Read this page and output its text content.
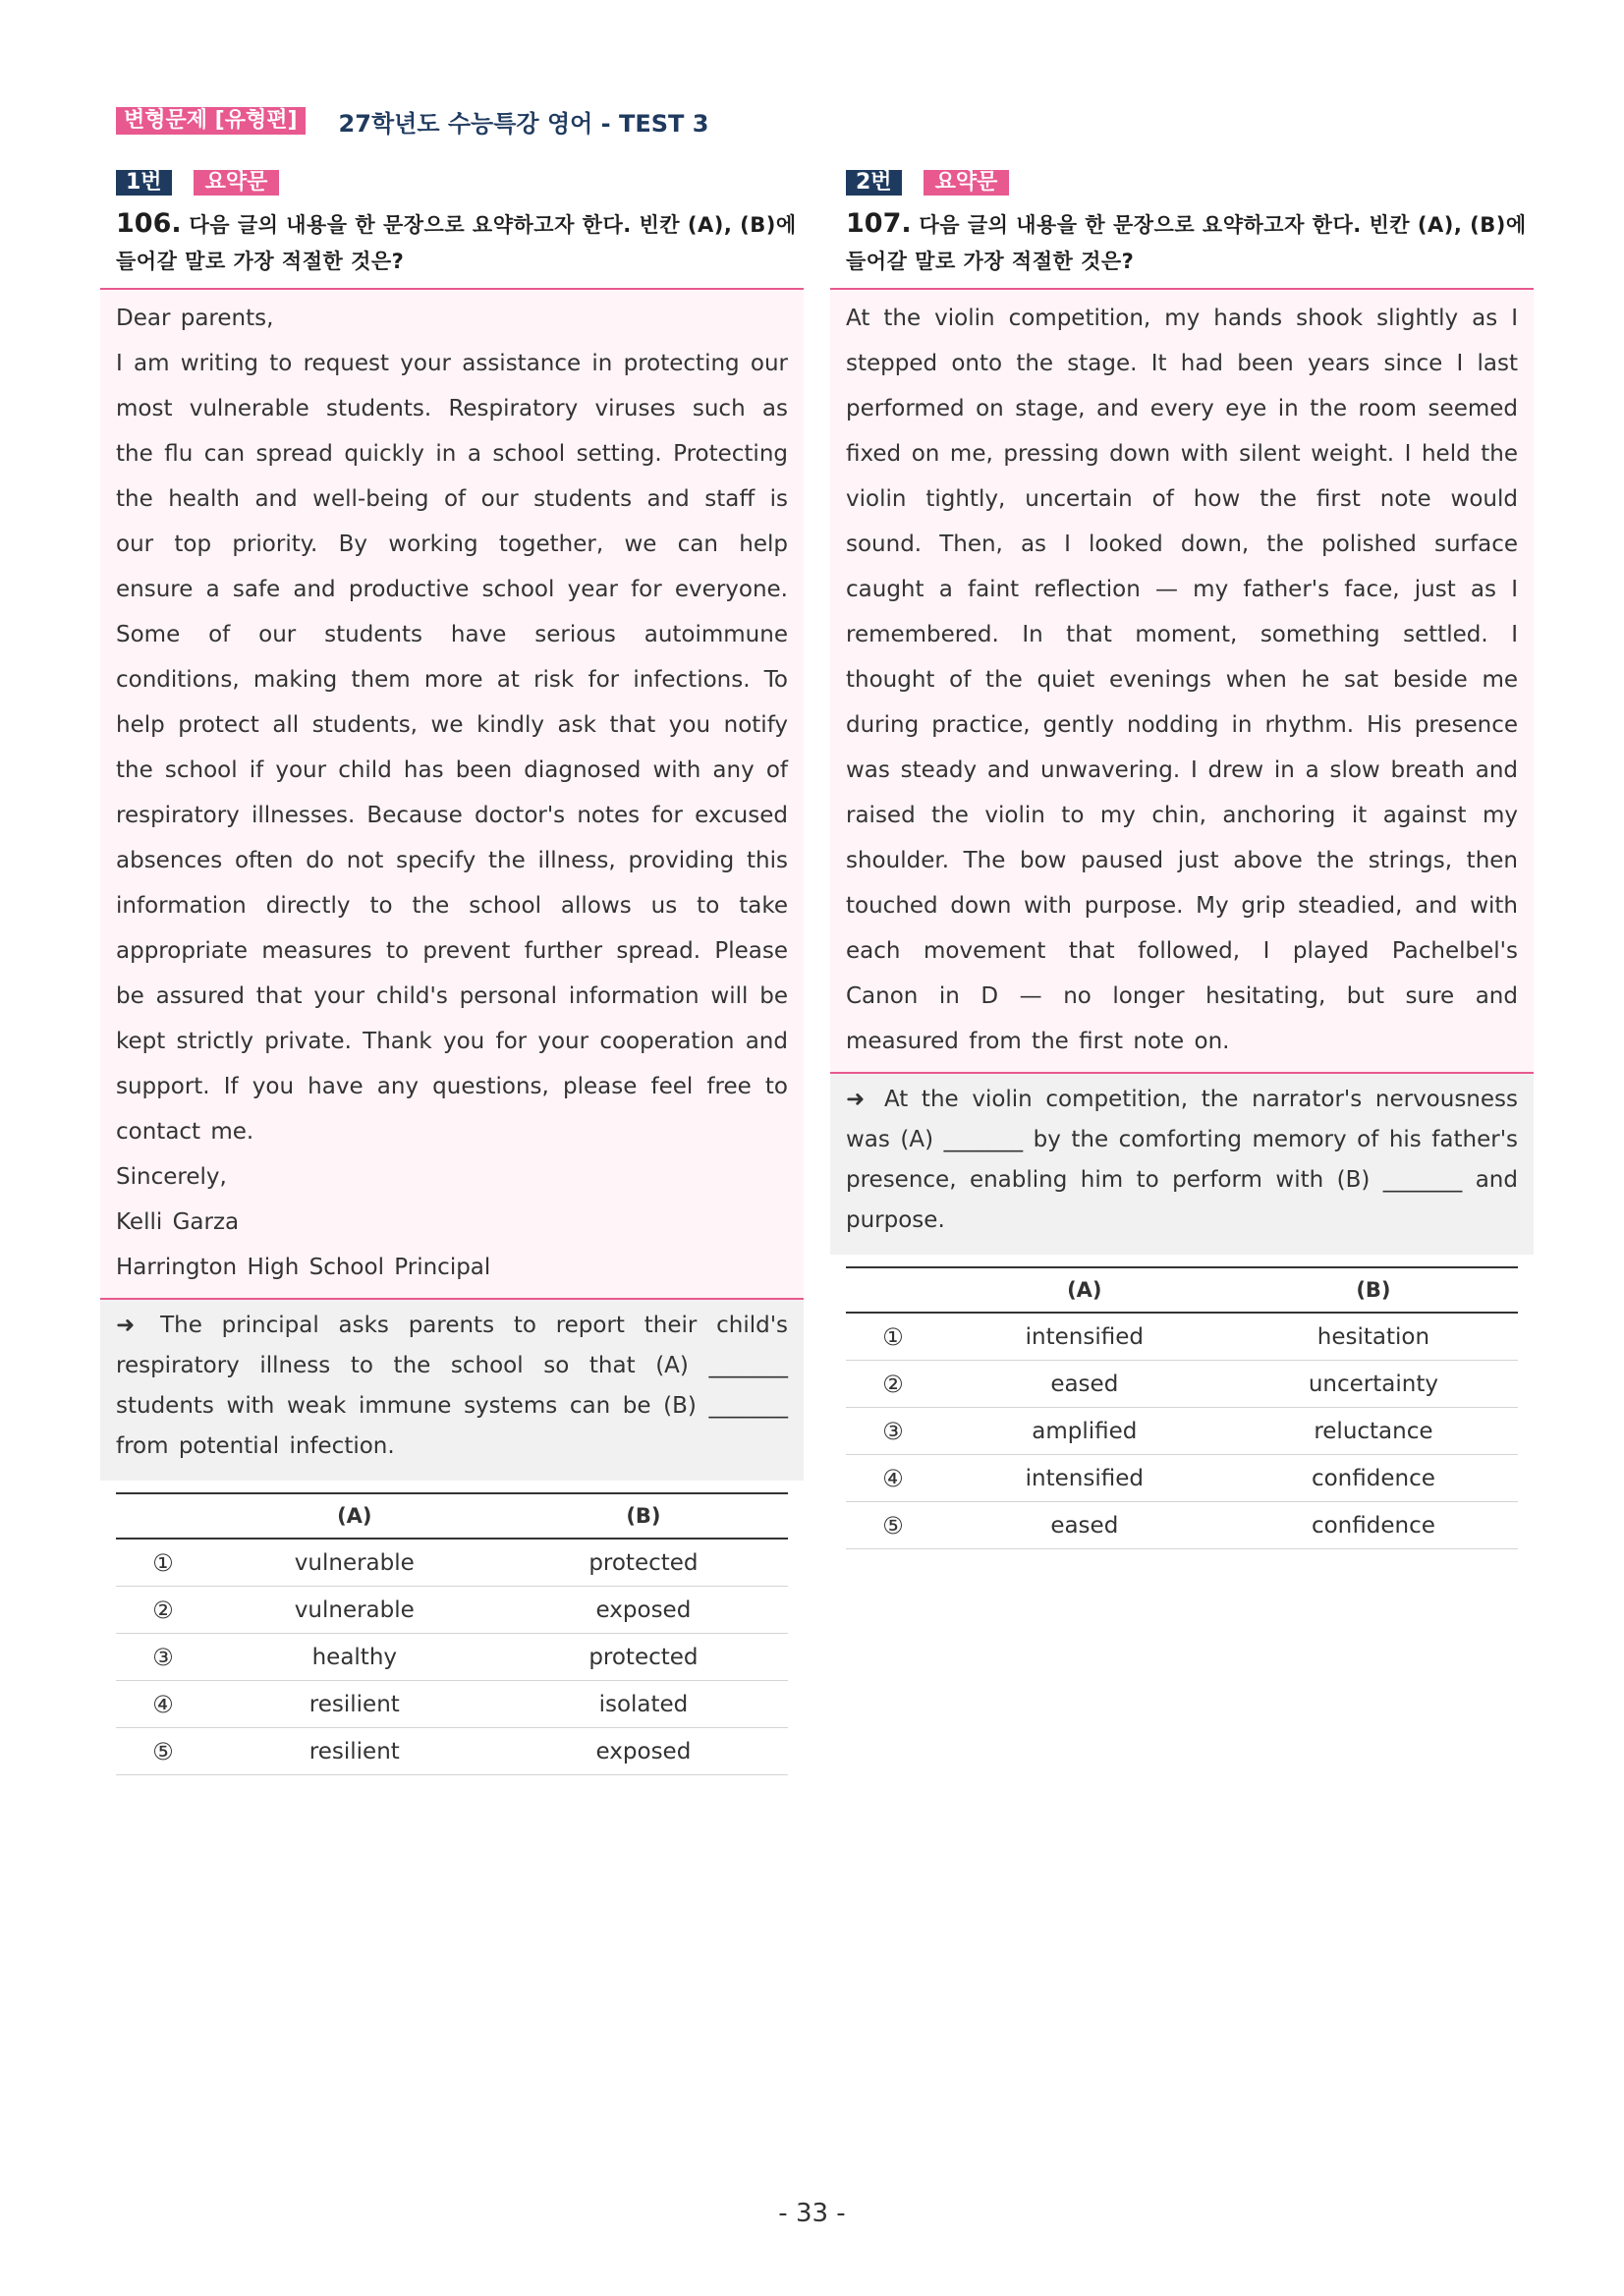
변형문제 [유형편]	27학년도 수능특강 영어 - TEST 3
1번	요약문
106. 다음 글의 내용을 한 문장으로 요약하고자 한다. 빈칸 (A), (B)에 들어갈 말로 가장 적절한 것은?

Dear parents,

I am writing to request your assistance in protecting our most vulnerable students. Respiratory viruses such as the flu can spread quickly in a school setting. Protecting the health and well-being of our students and staff is our top priority. By working together, we can help ensure a safe and productive school year for everyone. Some of our students have serious autoimmune conditions, making them more at risk for infections. To help protect all students, we kindly ask that you notify the school if your child has been diagnosed with any of respiratory illnesses. Because doctor's notes for excused absences often do not specify the illness, providing this information directly to the school allows us to take appropriate measures to prevent further spread. Please be assured that your child's personal information will be kept strictly private. Thank you for your cooperation and support. If you have any questions, please feel free to contact me.

Sincerely,

Kelli Garza

Harrington High School Principal

➜ The principal asks parents to report their child's respiratory illness to the school so that (A) _______ students with weak immune systems can be (B) _______ from potential infection.
	(A)	(B)
①	vulnerable	protected
②	vulnerable	exposed
③	healthy	protected
④	resilient	isolated
⑤	resilient	exposed
2번	요약문
107. 다음 글의 내용을 한 문장으로 요약하고자 한다. 빈칸 (A), (B)에 들어갈 말로 가장 적절한 것은?

At the violin competition, my hands shook slightly as I stepped onto the stage. It had been years since I last performed on stage, and every eye in the room seemed fixed on me, pressing down with silent weight. I held the violin tightly, uncertain of how the first note would sound. Then, as I looked down, the polished surface caught a faint reflection — my father's face, just as I remembered. In that moment, something settled. I thought of the quiet evenings when he sat beside me during practice, gently nodding in rhythm. His presence was steady and unwavering. I drew in a slow breath and raised the violin to my chin, anchoring it against my shoulder. The bow paused just above the strings, then touched down with purpose. My grip steadied, and with each movement that followed, I played Pachelbel's Canon in D — no longer hesitating, but sure and measured from the first note on.

➜ At the violin competition, the narrator's nervousness was (A) _______ by the comforting memory of his father's presence, enabling him to perform with (B) _______ and purpose.
	(A)	(B)
①	intensified	hesitation
②	eased	uncertainty
③	amplified	reluctance
④	intensified	confidence
⑤	eased	confidence
- 33 -
